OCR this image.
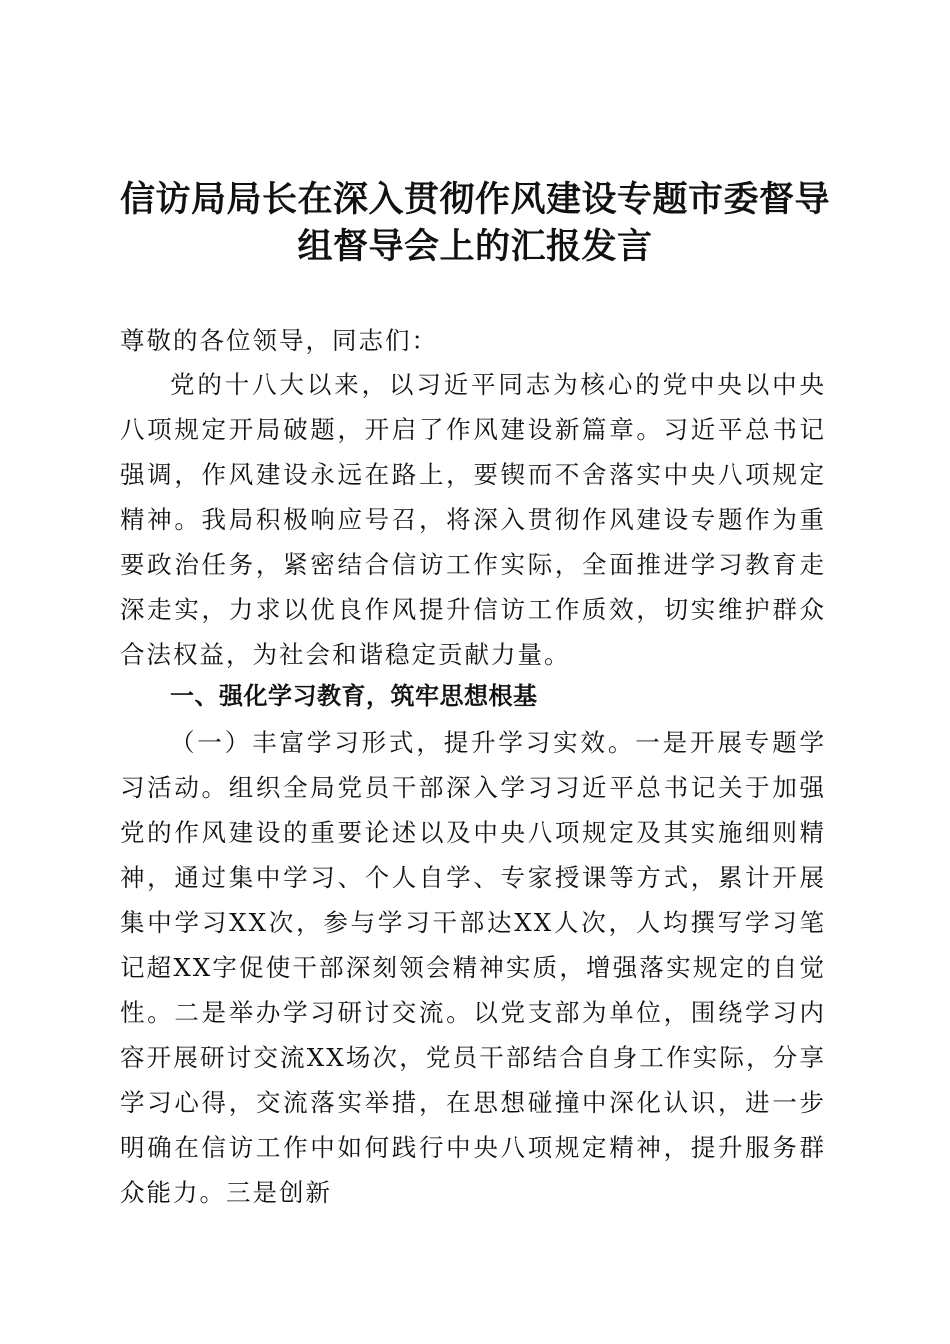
信访局局长在深入贯彻作风建设专题市委督导
组督导会上的汇报发言
尊敬的各位领导，同志们：
党的十八大以来，以习近平同志为核心的党中央以中央八项规定开局破题，开启了作风建设新篇章。习近平总书记强调，作风建设永远在路上，要锲而不舍落实中央八项规定精神。我局积极响应号召，将深入贯彻作风建设专题作为重要政治任务，紧密结合信访工作实际，全面推进学习教育走深走实，力求以优良作风提升信访工作质效，切实维护群众合法权益，为社会和谐稳定贡献力量。
一、强化学习教育，筑牢思想根基
（一）丰富学习形式，提升学习实效。一是开展专题学习活动。组织全局党员干部深入学习习近平总书记关于加强党的作风建设的重要论述以及中央八项规定及其实施细则精神，通过集中学习、个人自学、专家授课等方式，累计开展集中学习XX次，参与学习干部达XX人次，人均撰写学习笔记超XX字促使干部深刻领会精神实质，增强落实规定的自觉性。二是举办学习研讨交流。以党支部为单位，围绕学习内容开展研讨交流XX场次，党员干部结合自身工作实际，分享学习心得，交流落实举措，在思想碰撞中深化认识，进一步明确在信访工作中如何践行中央八项规定精神，提升服务群众能力。三是创新
